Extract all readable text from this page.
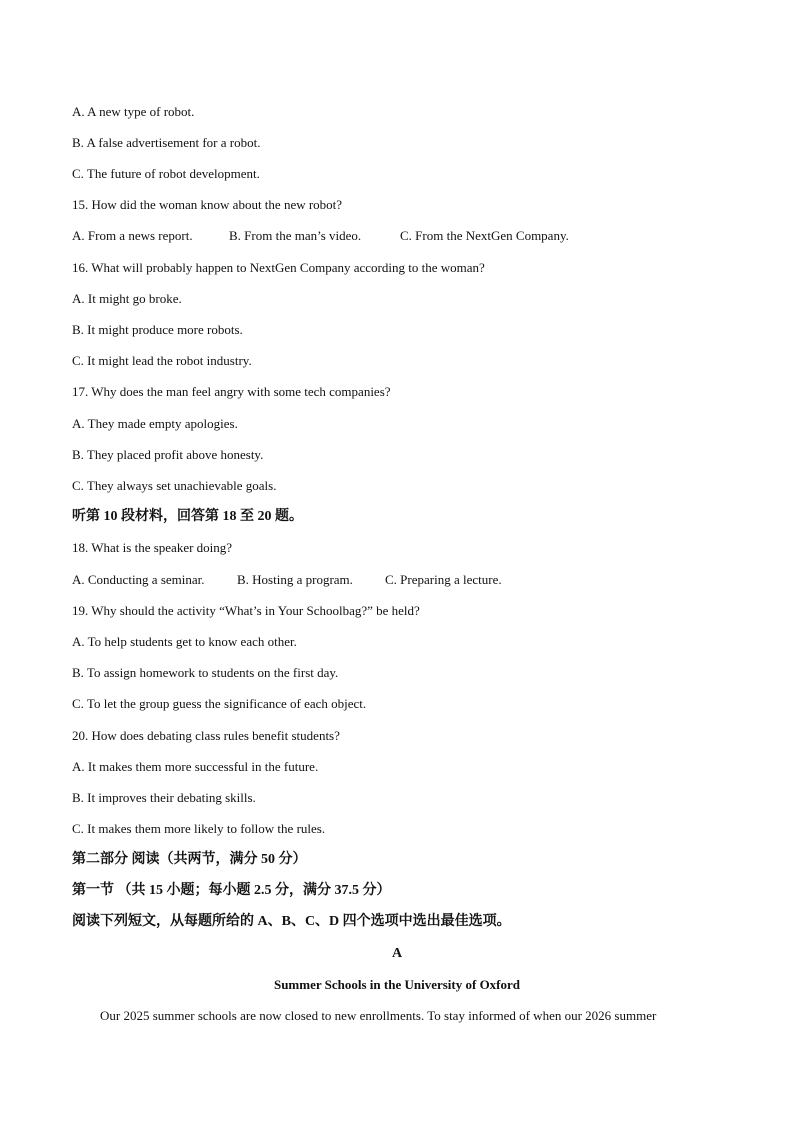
A. A new type of robot.
B. A false advertisement for a robot.
C. The future of robot development.
15. How did the woman know about the new robot?
A. From a news report.	B. From the man’s video.	C. From the NextGen Company.
16. What will probably happen to NextGen Company according to the woman?
A. It might go broke.
B. It might produce more robots.
C. It might lead the robot industry.
17. Why does the man feel angry with some tech companies?
A. They made empty apologies.
B. They placed profit above honesty.
C. They always set unachievable goals.
听第 10 段材料，回答第 18 至 20 题。
18. What is the speaker doing?
A. Conducting a seminar.	B. Hosting a program.	C. Preparing a lecture.
19. Why should the activity “What’s in Your Schoolbag?” be held?
A. To help students get to know each other.
B. To assign homework to students on the first day.
C. To let the group guess the significance of each object.
20. How does debating class rules benefit students?
A. It makes them more successful in the future.
B. It improves their debating skills.
C. It makes them more likely to follow the rules.
第二部分 阅读（共两节，满分 50 分）
第一节 （共 15 小题；每小题 2.5 分，满分 37.5 分）
阅读下列短文，从每题所给的 A、B、C、D 四个选项中选出最佳选项。
A
Summer Schools in the University of Oxford
Our 2025 summer schools are now closed to new enrollments. To stay informed of when our 2026 summer
